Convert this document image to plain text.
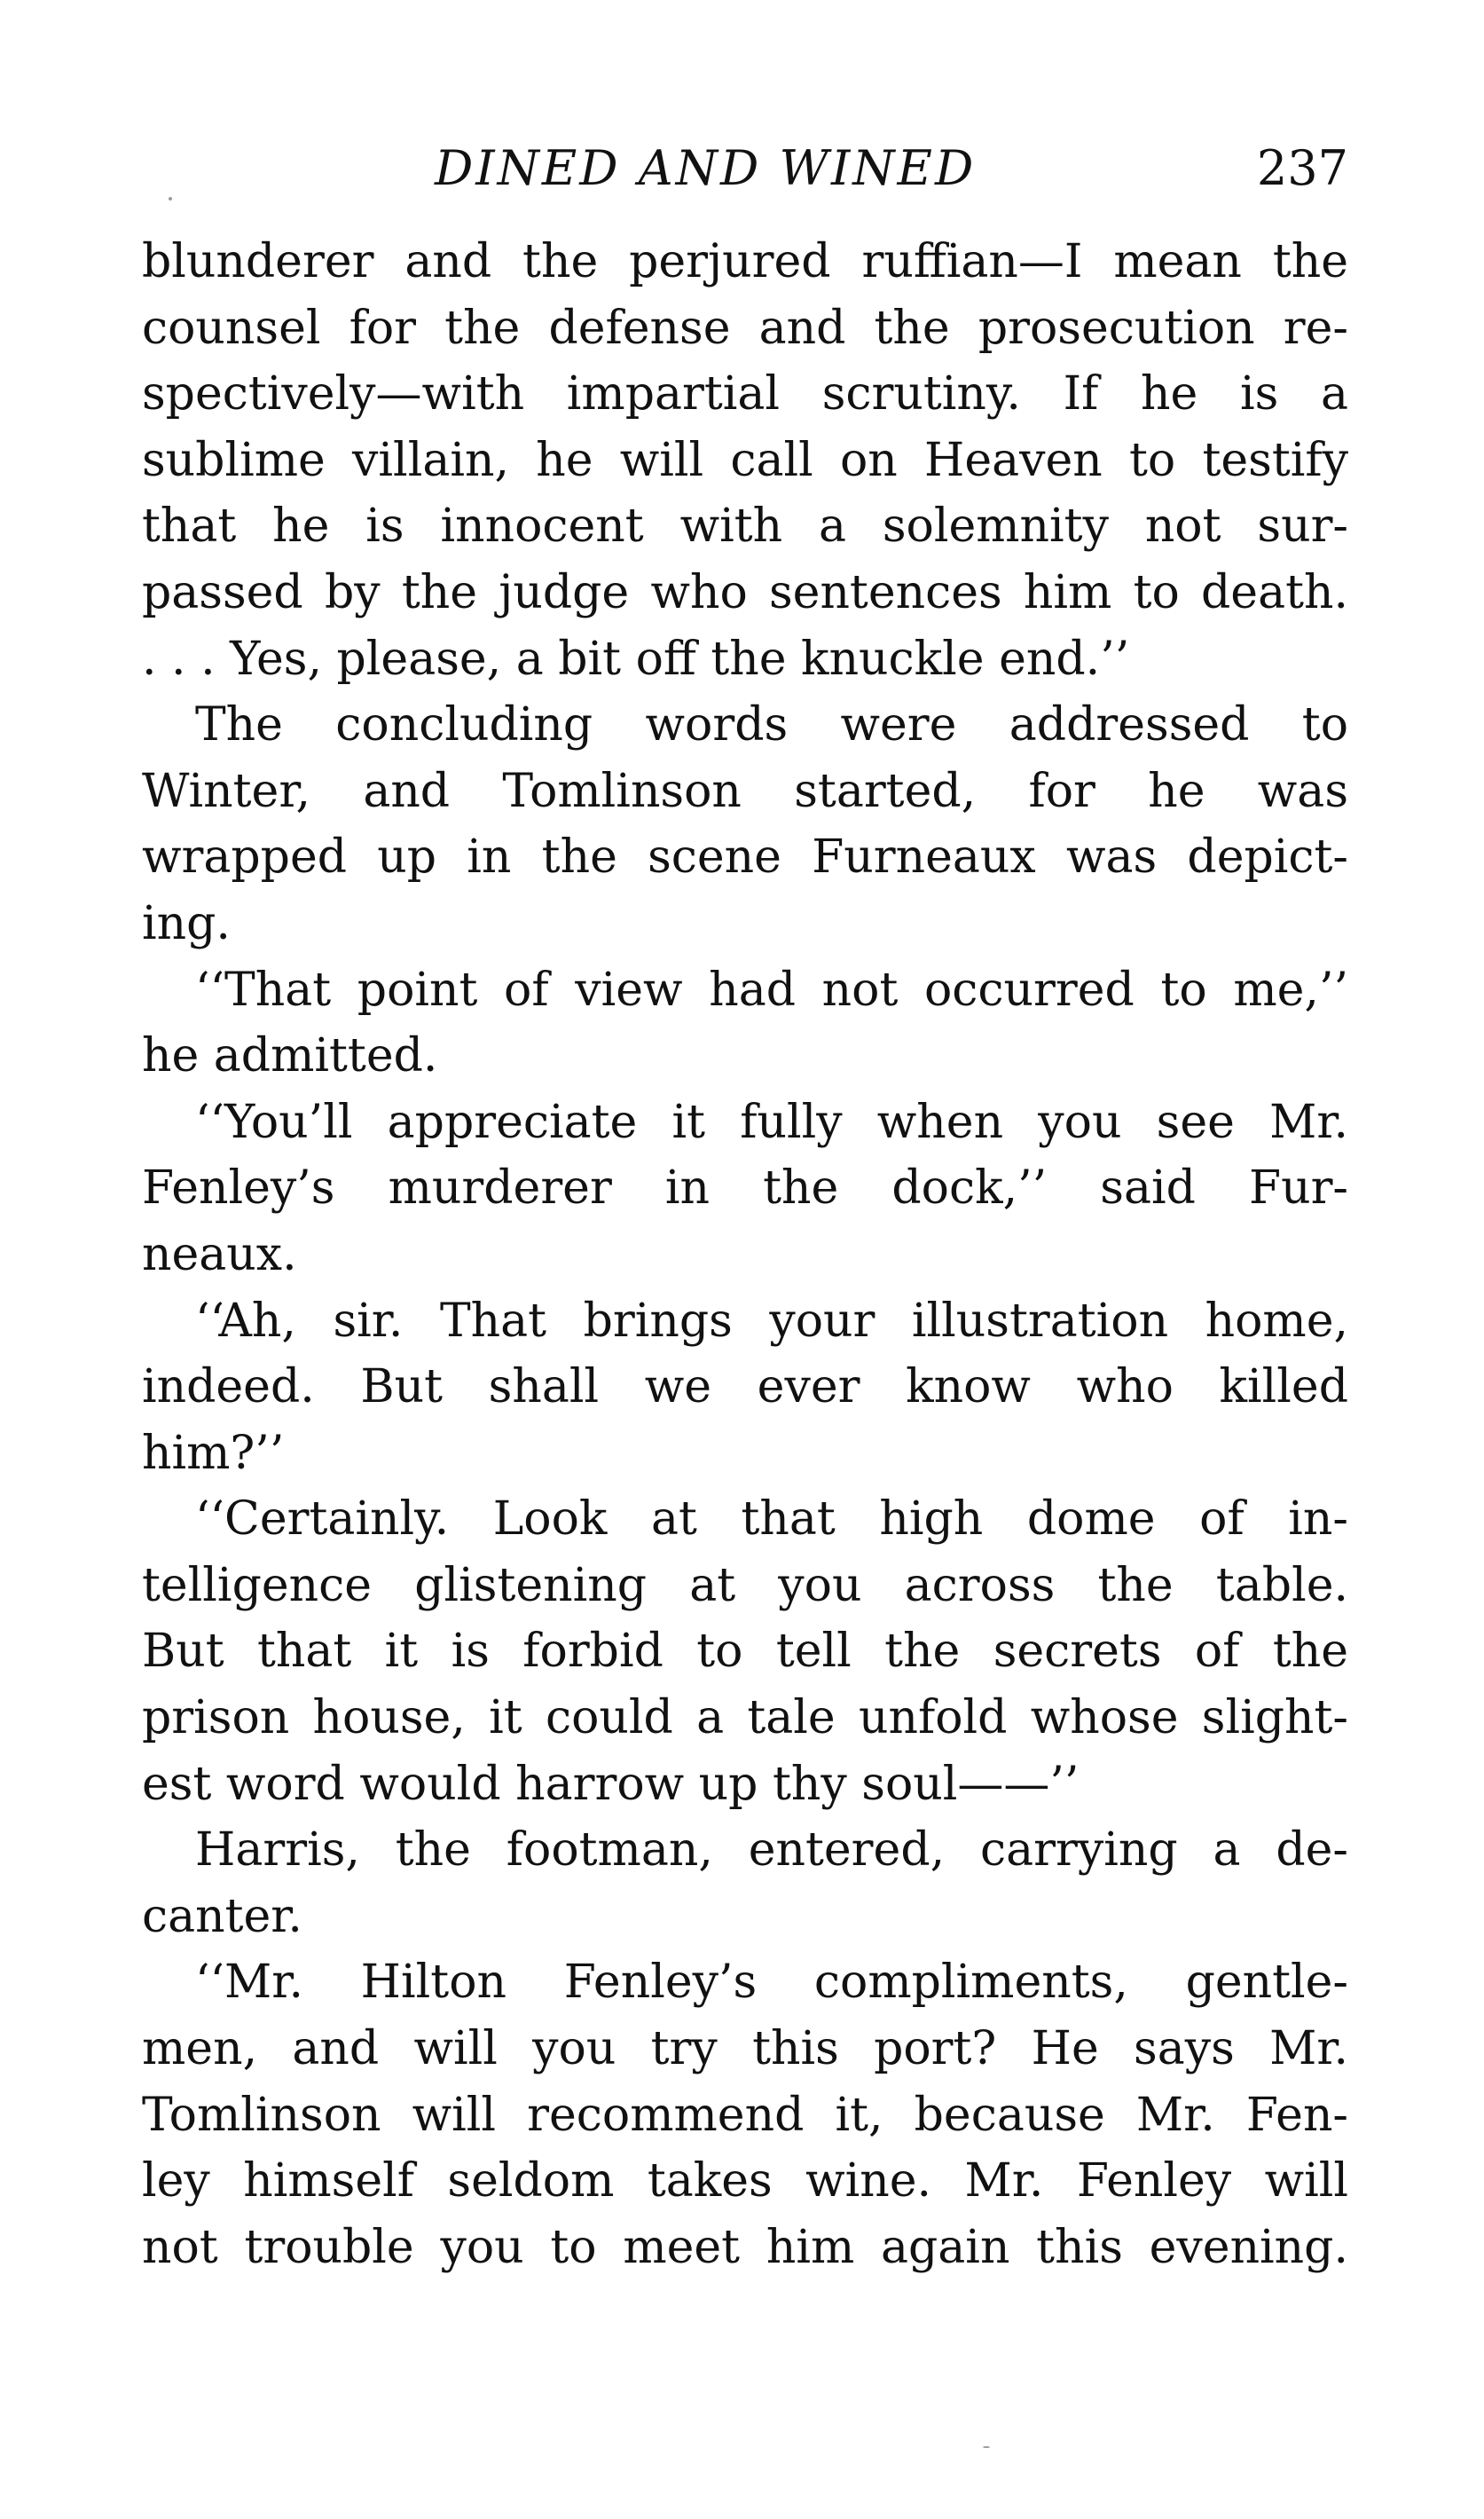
DINED AND WINED	237
blunderer and the perjured ruffian—I mean the
counsel for the defense and the prosecution re-
spectively—with impartial scrutiny. If he is a
sublime villain, he will call on Heaven to testify
that he is innocent with a solemnity not sur-
passed by the judge who sentences him to death.
. . . Yes, please, a bit off the knuckle end.’’
The concluding words were addressed to
Winter, and Tomlinson started, for he was
wrapped up in the scene Furneaux was depict-
ing.
‘‘That point of view had not occurred to me,’’
he admitted.
‘‘You’ll appreciate it fully when you see Mr.
Fenley’s murderer in the dock,’’ said Fur-
neaux.
‘‘Ah, sir. That brings your illustration home,
indeed. But shall we ever know who killed
him?’’
‘‘Certainly. Look at that high dome of in-
telligence glistening at you across the table.
But that it is forbid to tell the secrets of the
prison house, it could a tale unfold whose slight-
est word would harrow up thy soul——’’
Harris, the footman, entered, carrying a de-
canter.
‘‘Mr. Hilton Fenley’s compliments, gentle-
men, and will you try this port? He says Mr.
Tomlinson will recommend it, because Mr. Fen-
ley himself seldom takes wine. Mr. Fenley will
not trouble you to meet him again this evening.
